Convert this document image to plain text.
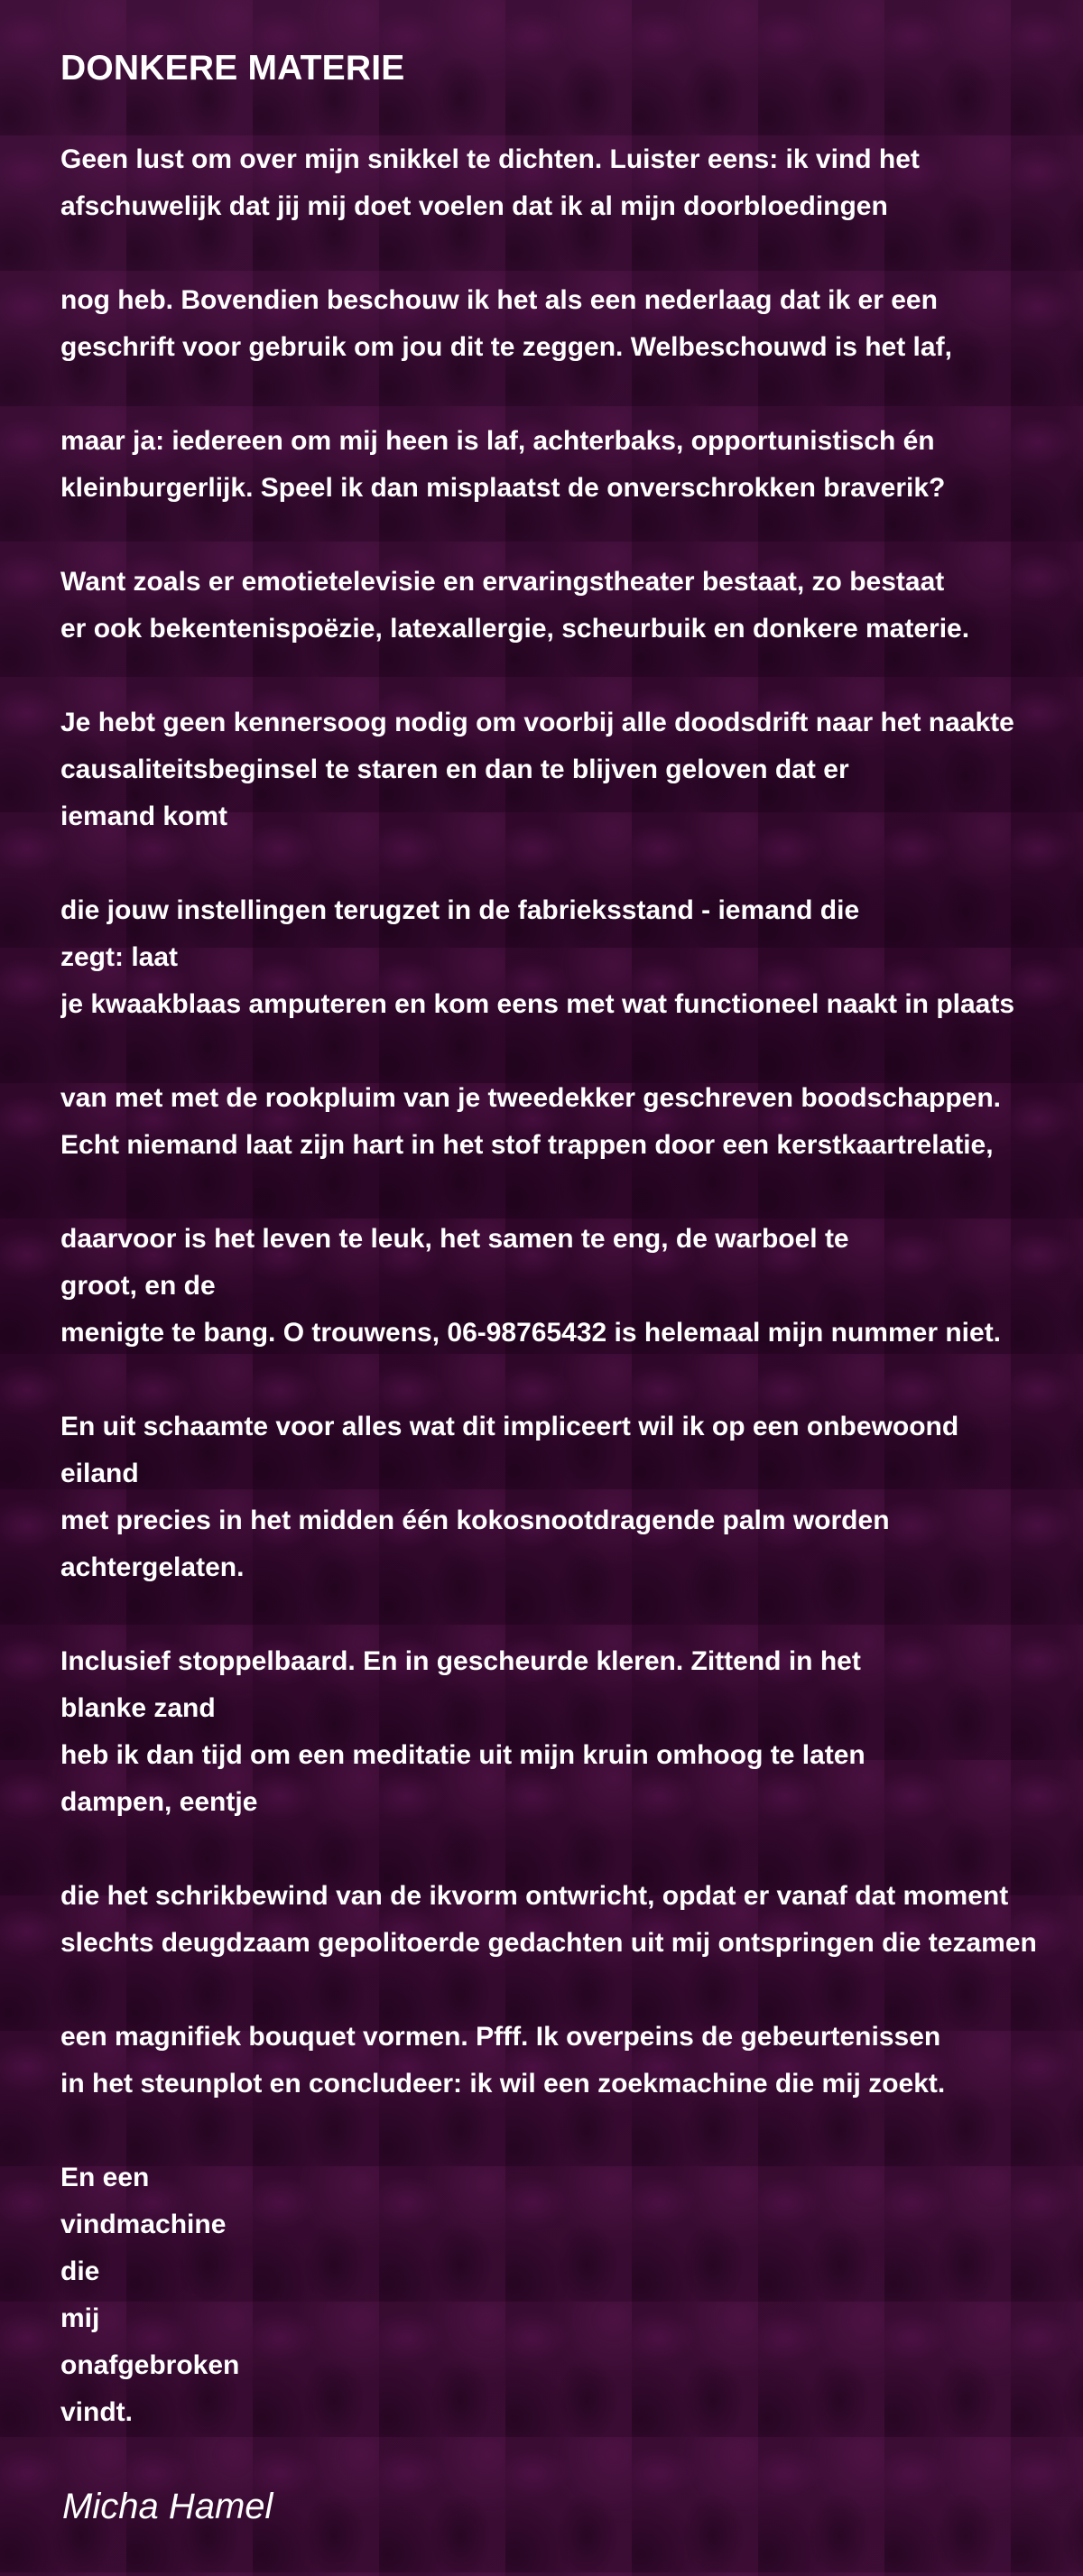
DONKERE MATERIE
Geen lust om over mijn snikkel te dichten. Luister eens: ik vind het
afschuwelijk dat jij mij doet voelen dat ik al mijn doorbloedingen
nog heb. Bovendien beschouw ik het als een nederlaag dat ik er een
geschrift voor gebruik om jou dit te zeggen. Welbeschouwd is het laf,
maar ja: iedereen om mij heen is laf, achterbaks, opportunistisch én
kleinburgerlijk. Speel ik dan misplaatst de onverschrokken braverik?
Want zoals er emotietelevisie en ervaringstheater bestaat, zo bestaat
er ook bekentenispoëzie, latexallergie, scheurbuik en donkere materie.
Je hebt geen kennersoog nodig om voorbij alle doodsdrift naar het naakte
causaliteitsbeginsel te staren en dan te blijven geloven dat er
iemand komt
die jouw instellingen terugzet in de fabrieksstand - iemand die
zegt: laat
je kwaakblaas amputeren en kom eens met wat functioneel naakt in plaats
van met met de rookpluim van je tweedekker geschreven boodschappen.
Echt niemand laat zijn hart in het stof trappen door een kerstkaartrelatie,
daarvoor is het leven te leuk, het samen te eng, de warboel te
groot, en de
menigte te bang. O trouwens, 06-98765432 is helemaal mijn nummer niet.
En uit schaamte voor alles wat dit impliceert wil ik op een onbewoond
eiland
met precies in het midden één kokosnootdragende palm worden
achtergelaten.
Inclusief stoppelbaard. En in gescheurde kleren. Zittend in het
blanke zand
heb ik dan tijd om een meditatie uit mijn kruin omhoog te laten
dampen, eentje
die het schrikbewind van de ikvorm ontwricht, opdat er vanaf dat moment
slechts deugdzaam gepolitoerde gedachten uit mij ontspringen die tezamen
een magnifiek bouquet vormen. Pfff. Ik overpeins de gebeurtenissen
in het steunplot en concludeer: ik wil een zoekmachine die mij zoekt.
En een
vindmachine
die
mij
onafgebroken
vindt.
Micha Hamel
